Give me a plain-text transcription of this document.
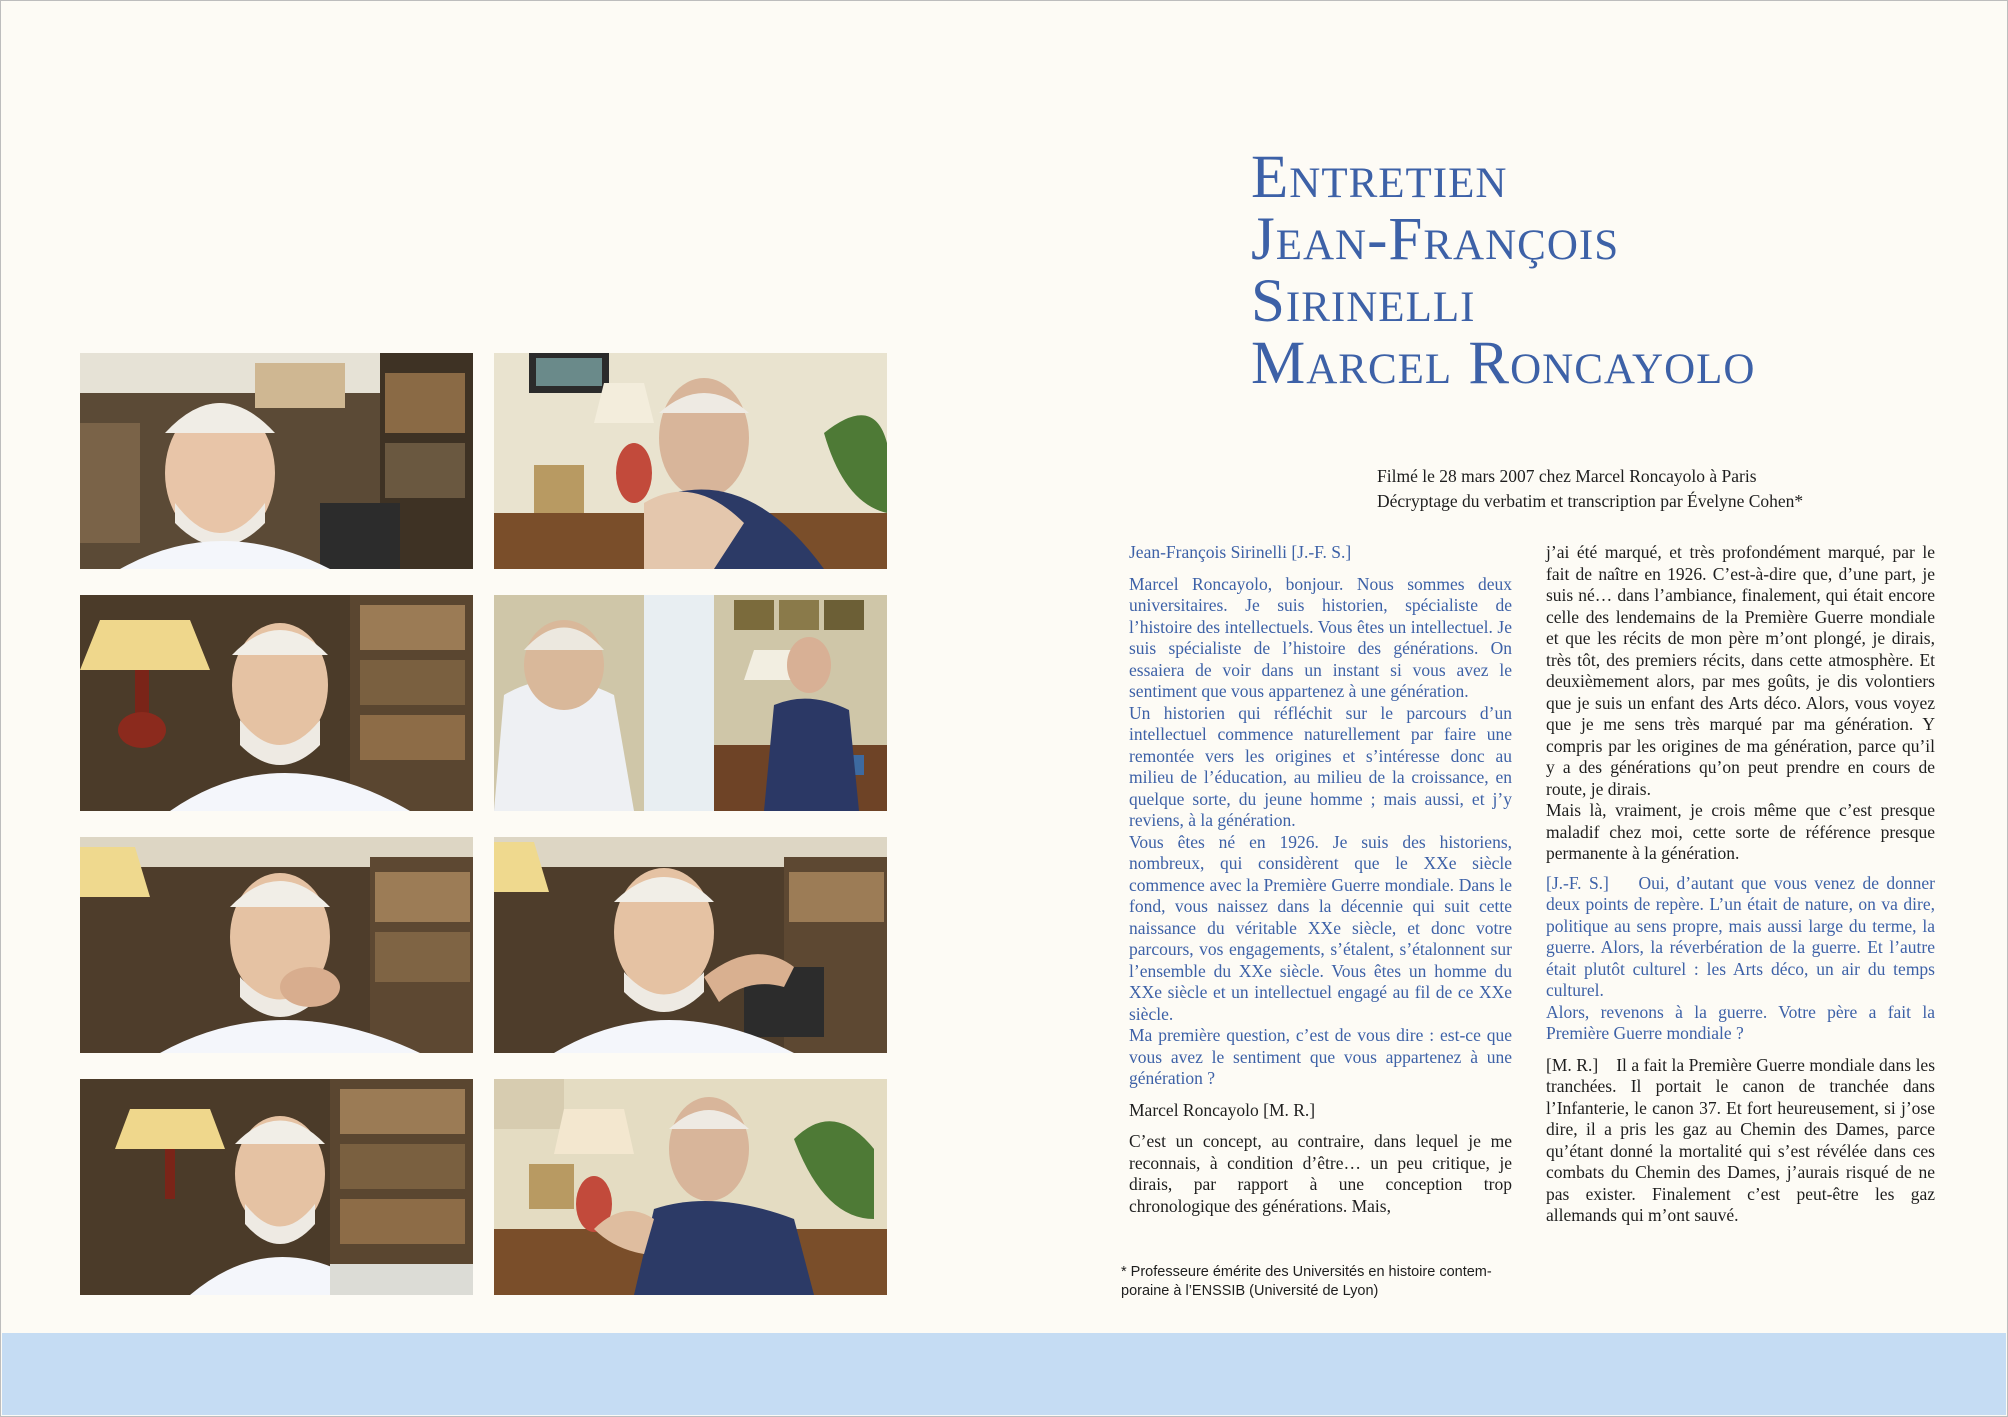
Entretien
Jean-François
Sirinelli
Marcel Roncayolo
Filmé le 28 mars 2007 chez Marcel Roncayolo à Paris
Décryptage du verbatim et transcription par Évelyne Cohen*

Jean-François Sirinelli [J.-F. S.]

Marcel Roncayolo, bonjour. Nous sommes deux universitaires. Je suis historien, spécialiste de l’histoire des intellectuels. Vous êtes un intellectuel. Je suis spécialiste de l’histoire des générations. On essaiera de voir dans un instant si vous avez le sentiment que vous appartenez à une génération.

Un historien qui réfléchit sur le parcours d’un intellectuel commence naturellement par faire une remontée vers les origines et s’intéresse donc au milieu de l’éducation, au milieu de la croissance, en quelque sorte, du jeune homme ; mais aussi, et j’y reviens, à la génération.

Vous êtes né en 1926. Je suis des historiens, nombreux, qui considèrent que le XXe siècle commence avec la Première Guerre mondiale. Dans le fond, vous naissez dans la décennie qui suit cette naissance du véritable XXe siècle, et donc votre parcours, vos engagements, s’étalent, s’étalonnent sur l’ensemble du XXe siècle. Vous êtes un homme du XXe siècle et un intellectuel engagé au fil de ce XXe siècle.

Ma première question, c’est de vous dire : est-ce que vous avez le sentiment que vous appartenez à une génération ?

Marcel Roncayolo [M. R.]

C’est un concept, au contraire, dans lequel je me reconnais, à condition d’être… un peu critique, je dirais, par rapport à une conception trop chronologique des générations. Mais,

* Professeure émérite des Universités en histoire contemporaine à l’ENSSIB (Université de Lyon)

j’ai été marqué, et très profondément marqué, par le fait de naître en 1926. C’est-à-dire que, d’une part, je suis né… dans l’ambiance, finalement, qui était encore celle des lendemains de la Première Guerre mondiale et que les récits de mon père m’ont plongé, je dirais, très tôt, des premiers récits, dans cette atmosphère. Et deuxièmement alors, par mes goûts, je dis volontiers que je suis un enfant des Arts déco. Alors, vous voyez que je me sens très marqué par ma génération. Y compris par les origines de ma génération, parce qu’il y a des générations qu’on peut prendre en cours de route, je dirais.

Mais là, vraiment, je crois même que c’est presque maladif chez moi, cette sorte de référence presque permanente à la génération.

[J.-F. S.] Oui, d’autant que vous venez de donner deux points de repère. L’un était de nature, on va dire, politique au sens propre, mais aussi large du terme, la guerre. Alors, la réverbération de la guerre. Et l’autre était plutôt culturel : les Arts déco, un air du temps culturel.

Alors, revenons à la guerre. Votre père a fait la Première Guerre mondiale ?

[M. R.] Il a fait la Première Guerre mondiale dans les tranchées. Il portait le canon de tranchée dans l’Infanterie, le canon 37. Et fort heureusement, si j’ose dire, il a pris les gaz au Chemin des Dames, parce qu’étant donné la mortalité qui s’est révélée dans ces combats du Chemin des Dames, j’aurais risqué de ne pas exister. Finalement c’est peut-être les gaz allemands qui m’ont sauvé.
